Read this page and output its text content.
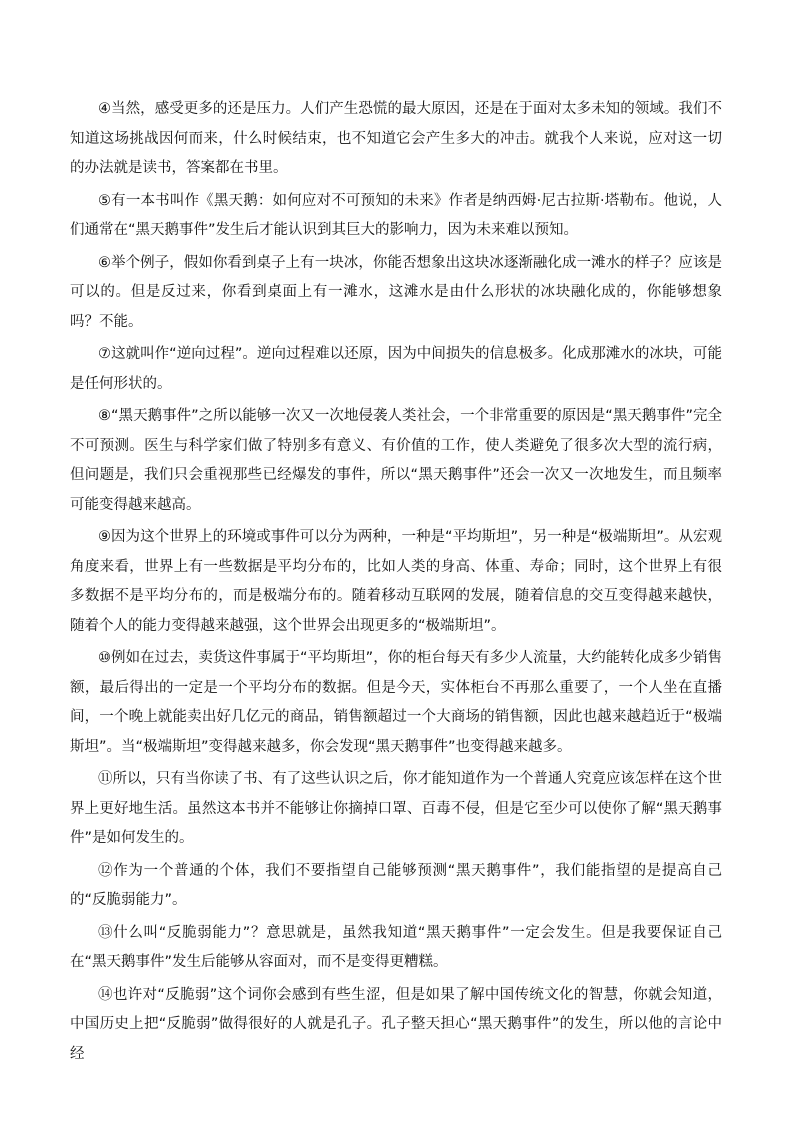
④当然，感受更多的还是压力。人们产生恐慌的最大原因，还是在于面对太多未知的领域。我们不知道这场挑战因何而来，什么时候结束，也不知道它会产生多大的冲击。就我个人来说，应对这一切的办法就是读书，答案都在书里。

⑤有一本书叫作《黑天鹅：如何应对不可预知的未来》作者是纳西姆·尼古拉斯·塔勒布。他说，人们通常在“黑天鹅事件”发生后才能认识到其巨大的影响力，因为未来难以预知。

⑥举个例子，假如你看到桌子上有一块冰，你能否想象出这块冰逐渐融化成一滩水的样子？应该是可以的。但是反过来，你看到桌面上有一滩水，这滩水是由什么形状的冰块融化成的，你能够想象吗？不能。

⑦这就叫作“逆向过程”。逆向过程难以还原，因为中间损失的信息极多。化成那滩水的冰块，可能是任何形状的。

⑧“黑天鹅事件”之所以能够一次又一次地侵袭人类社会，一个非常重要的原因是“黑天鹅事件”完全不可预测。医生与科学家们做了特别多有意义、有价值的工作，使人类避免了很多次大型的流行病，但问题是，我们只会重视那些已经爆发的事件，所以“黑天鹅事件”还会一次又一次地发生，而且频率可能变得越来越高。

⑨因为这个世界上的环境或事件可以分为两种，一种是“平均斯坦”，另一种是“极端斯坦”。从宏观角度来看，世界上有一些数据是平均分布的，比如人类的身高、体重、寿命；同时，这个世界上有很多数据不是平均分布的，而是极端分布的。随着移动互联网的发展，随着信息的交互变得越来越快，随着个人的能力变得越来越强，这个世界会出现更多的“极端斯坦”。

⑩例如在过去，卖货这件事属于“平均斯坦”，你的柜台每天有多少人流量，大约能转化成多少销售额，最后得出的一定是一个平均分布的数据。但是今天，实体柜台不再那么重要了，一个人坐在直播间，一个晚上就能卖出好几亿元的商品，销售额超过一个大商场的销售额，因此也越来越趋近于“极端斯坦”。当“极端斯坦”变得越来越多，你会发现“黑天鹅事件”也变得越来越多。

⑪所以，只有当你读了书、有了这些认识之后，你才能知道作为一个普通人究竟应该怎样在这个世界上更好地生活。虽然这本书并不能够让你摘掉口罩、百毒不侵，但是它至少可以使你了解“黑天鹅事件”是如何发生的。

⑫作为一个普通的个体，我们不要指望自己能够预测“黑天鹅事件”，我们能指望的是提高自己的“反脆弱能力”。

⑬什么叫“反脆弱能力”？意思就是，虽然我知道“黑天鹅事件”一定会发生。但是我要保证自己在“黑天鹅事件”发生后能够从容面对，而不是变得更糟糕。

⑭也许对“反脆弱”这个词你会感到有些生涩，但是如果了解中国传统文化的智慧，你就会知道，中国历史上把“反脆弱”做得很好的人就是孔子。孔子整天担心“黑天鹅事件”的发生，所以他的言论中经
